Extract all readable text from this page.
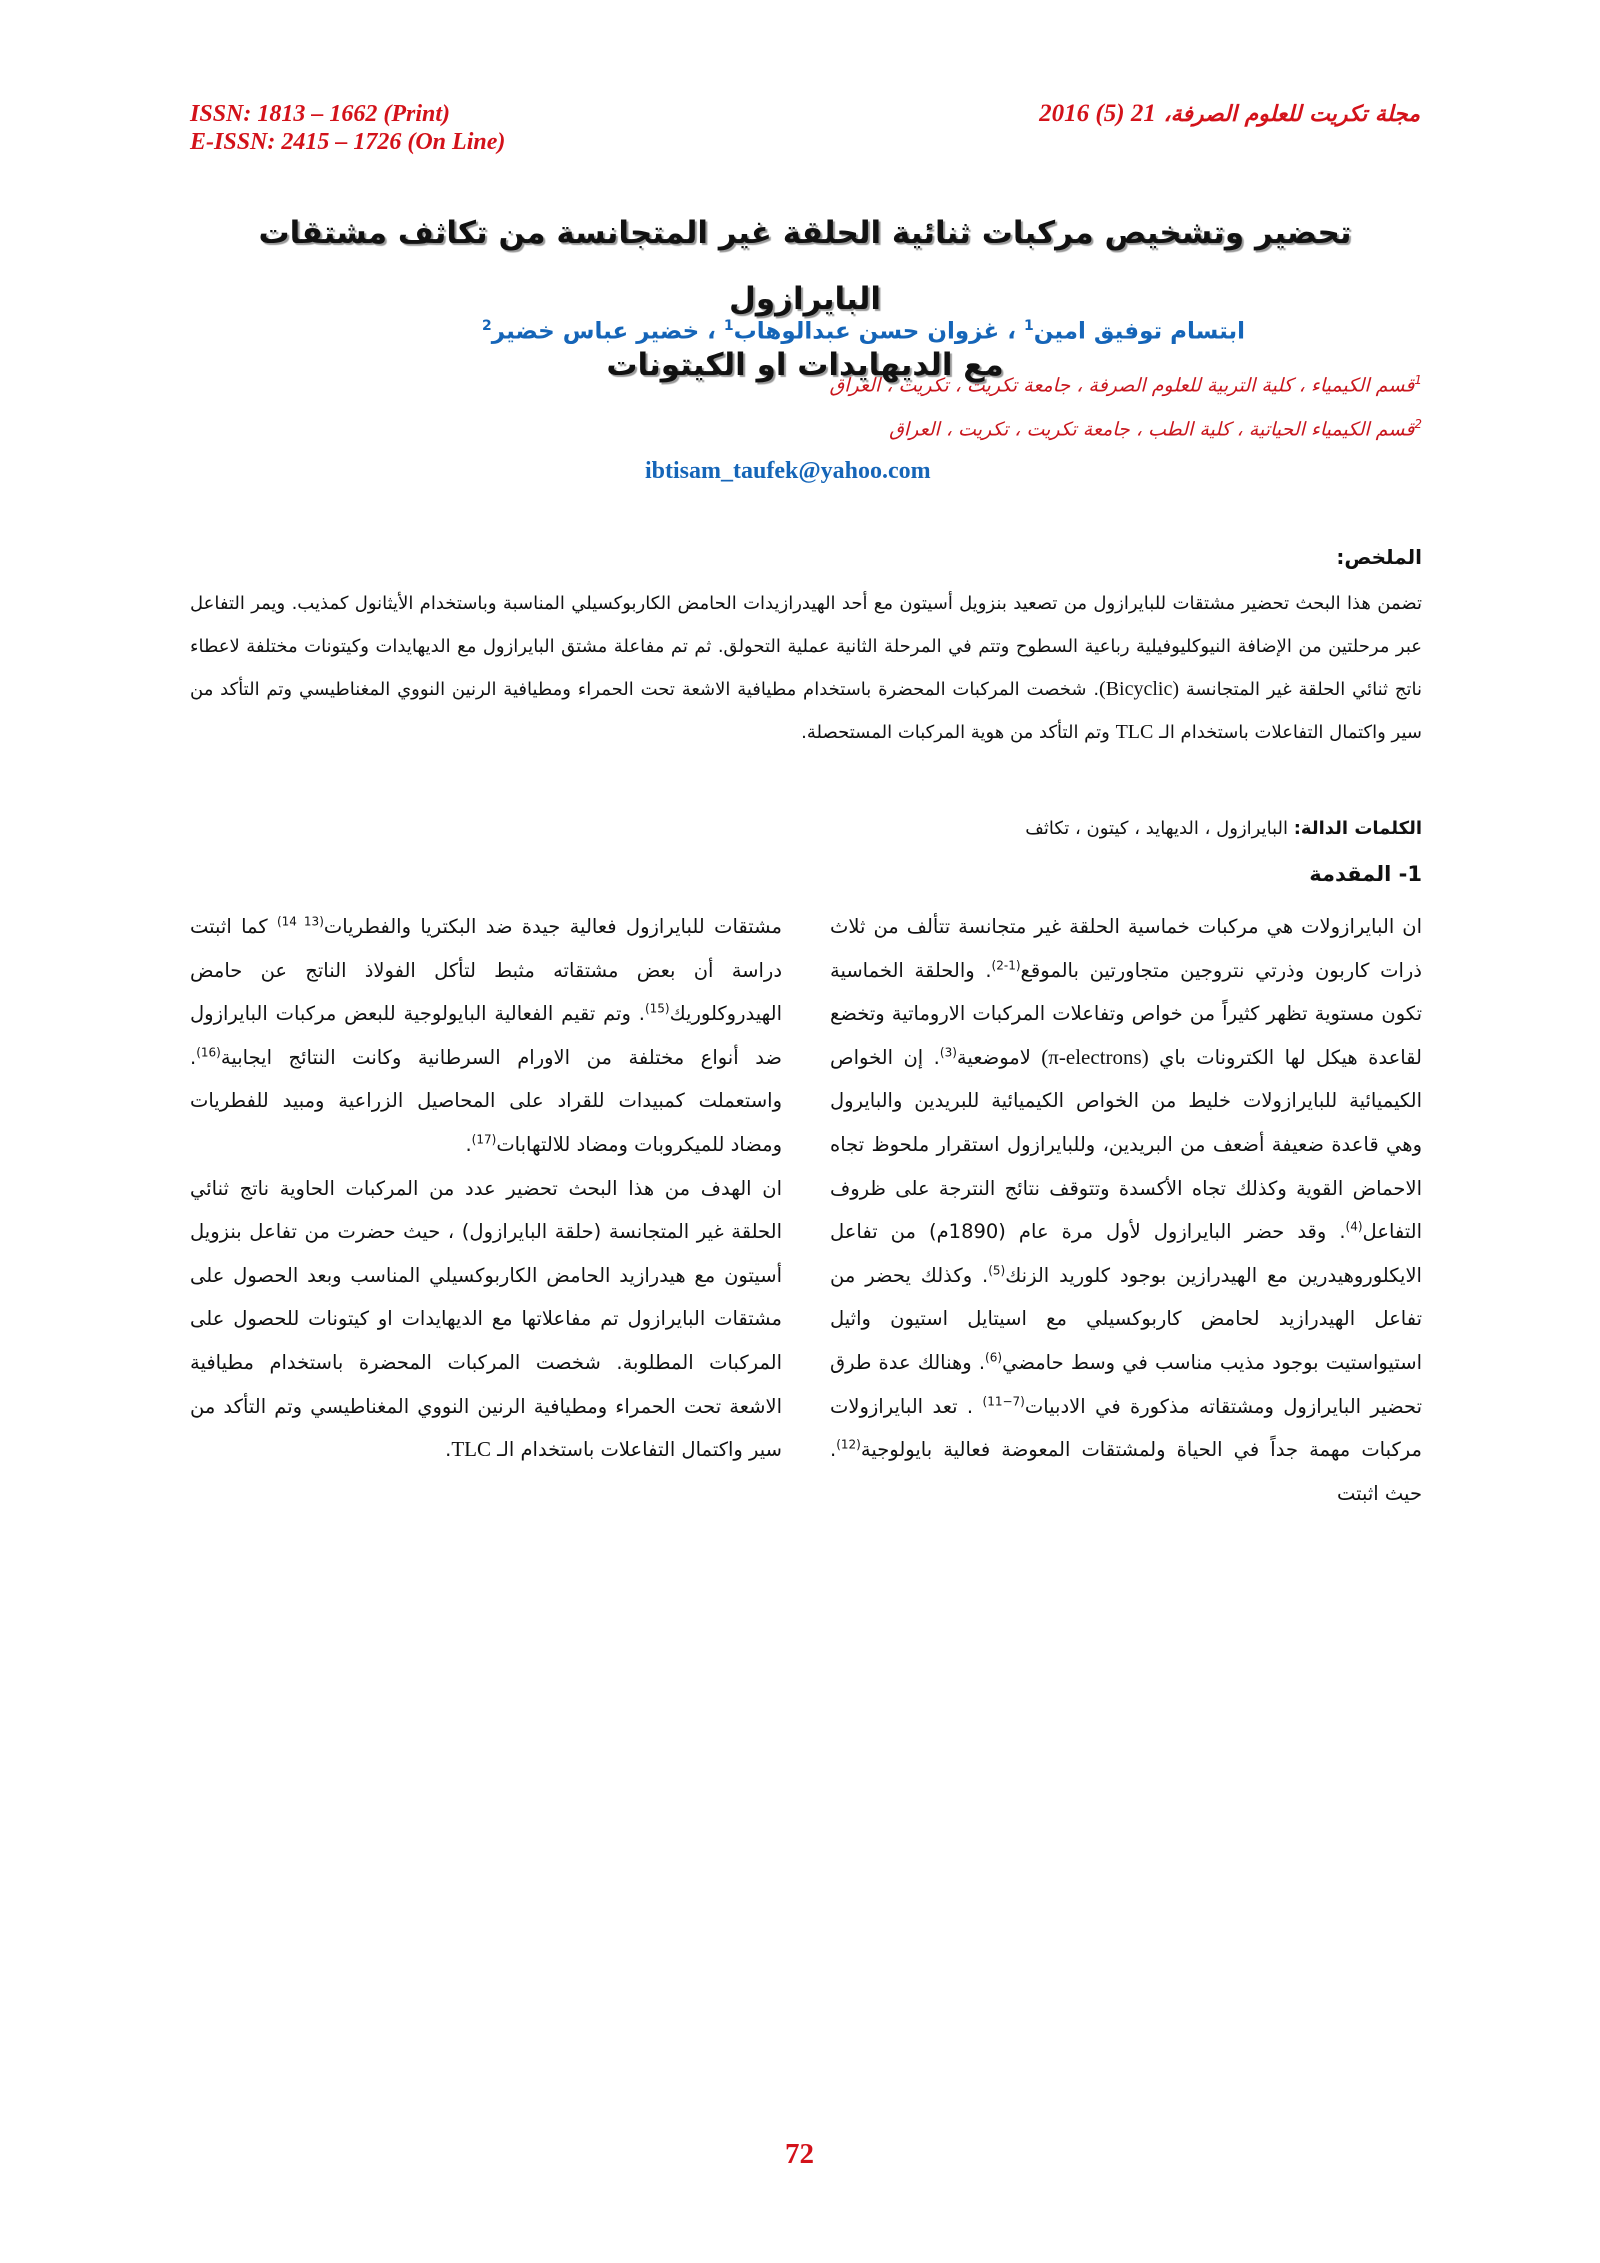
ISSN: 1813 – 1662 (Print)
E-ISSN: 2415 – 1726 (On Line)
مجلة تكريت للعلوم الصرفة، 2016 (5) 21
تحضير وتشخيص مركبات ثنائية الحلقة غير المتجانسة من تكاثف مشتقات البايرازول
مع الديهايدات او الكيتونات
ابتسام توفيق امين$^1$ ، غزوان حسن عبدالوهاب$^1$ ، خضير عباس خضير$^2$
$^1$قسم الكيمياء ، كلية التربية للعلوم الصرفة ، جامعة تكريت ، تكريت ، العراق
$^2$قسم الكيمياء الحياتية ، كلية الطب ، جامعة تكريت ، تكريت ، العراق
ibtisam_taufek@yahoo.com
الملخص:
تضمن هذا البحث تحضير مشتقات للبايرازول من تصعيد بنزويل أسيتون مع أحد الهيدرازيدات الحامض الكاربوكسيلي المناسبة وباستخدام الأيثانول كمذيب. ويمر التفاعل عبر مرحلتين من الإضافة النيوكليوفيلية رباعية السطوح وتتم في المرحلة الثانية عملية التحولق. ثم تم مفاعلة مشتق البايرازول مع الديهايدات وكيتونات مختلفة لاعطاء ناتج ثنائي الحلقة غير المتجانسة (Bicyclic). شخصت المركبات المحضرة باستخدام مطيافية الاشعة تحت الحمراء ومطيافية الرنين النووي المغناطيسي وتم التأكد من سير واكتمال التفاعلات باستخدام الـ TLC وتم التأكد من هوية المركبات المستحصلة.
الكلمات الدالة: البايرازول ، الديهايد ، كيتون ، تكاثف
1- المقدمة

ان البايرازولات هي مركبات خماسية الحلقة غير متجانسة تتألف من ثلاث ذرات كاربون وذرتي نتروجين متجاورتين بالموقع$^{(1-2)}$. والحلقة الخماسية تكون مستوية تظهر كثيراً من خواص وتفاعلات المركبات الاروماتية وتخضع لقاعدة هيكل لها الكترونات باي (π-electrons) لاموضعية$^{(3)}$. إن الخواص الكيميائية للبايرازولات خليط من الخواص الكيميائية للبريدين والبايرول وهي قاعدة ضعيفة أضعف من البريدين، وللبايرازول استقرار ملحوظ تجاه الاحماض القوية وكذلك تجاه الأكسدة وتتوقف نتائج النترجة على ظروف التفاعل$^{(4)}$. وقد حضر البايرازول لأول مرة عام (1890م) من تفاعل الايكلوروهيدرين مع الهيدرازين بوجود كلوريد الزنك$^{(5)}$. وكذلك يحضر من تفاعل الهيدرازيد لحامض كاربوكسيلي مع اسيتايل استيون واثيل استيواستيت بوجود مذيب مناسب في وسط حامضي$^{(6)}$. وهنالك عدة طرق تحضير البايرازول ومشتقاته مذكورة في الادبيات$^{(7-11)}$ . تعد البايرازولات مركبات مهمة جداً في الحياة ولمشتقات المعوضة فعالية بايولوجية$^{(12)}$. حيث اثبتت

مشتقات للبايرازول فعالية جيدة ضد البكتريا والفطريات$^{(13 14)}$ كما اثبتت دراسة أن بعض مشتقاته مثبط لتأكل الفولاذ الناتج عن حامض الهيدروكلوريك$^{(15)}$. وتم تقيم الفعالية البايولوجية للبعض مركبات البايرازول ضد أنواع مختلفة من الاورام السرطانية وكانت النتائج ايجابية$^{(16)}$. واستعملت كمبيدات للقراد على المحاصيل الزراعية ومبيد للفطريات ومضاد للميكروبات ومضاد للالتهابات$^{(17)}$.

ان الهدف من هذا البحث تحضير عدد من المركبات الحاوية ناتج ثنائي الحلقة غير المتجانسة (حلقة البايرازول) ، حيث حضرت من تفاعل بنزويل أسيتون مع هيدرازيد الحامض الكاربوكسيلي المناسب وبعد الحصول على مشتقات البايرازول تم مفاعلاتها مع الديهايدات او كيتونات للحصول على المركبات المطلوبة. شخصت المركبات المحضرة باستخدام مطيافية الاشعة تحت الحمراء ومطيافية الرنين النووي المغناطيسي وتم التأكد من سير واكتمال التفاعلات باستخدام الـ TLC.

72
